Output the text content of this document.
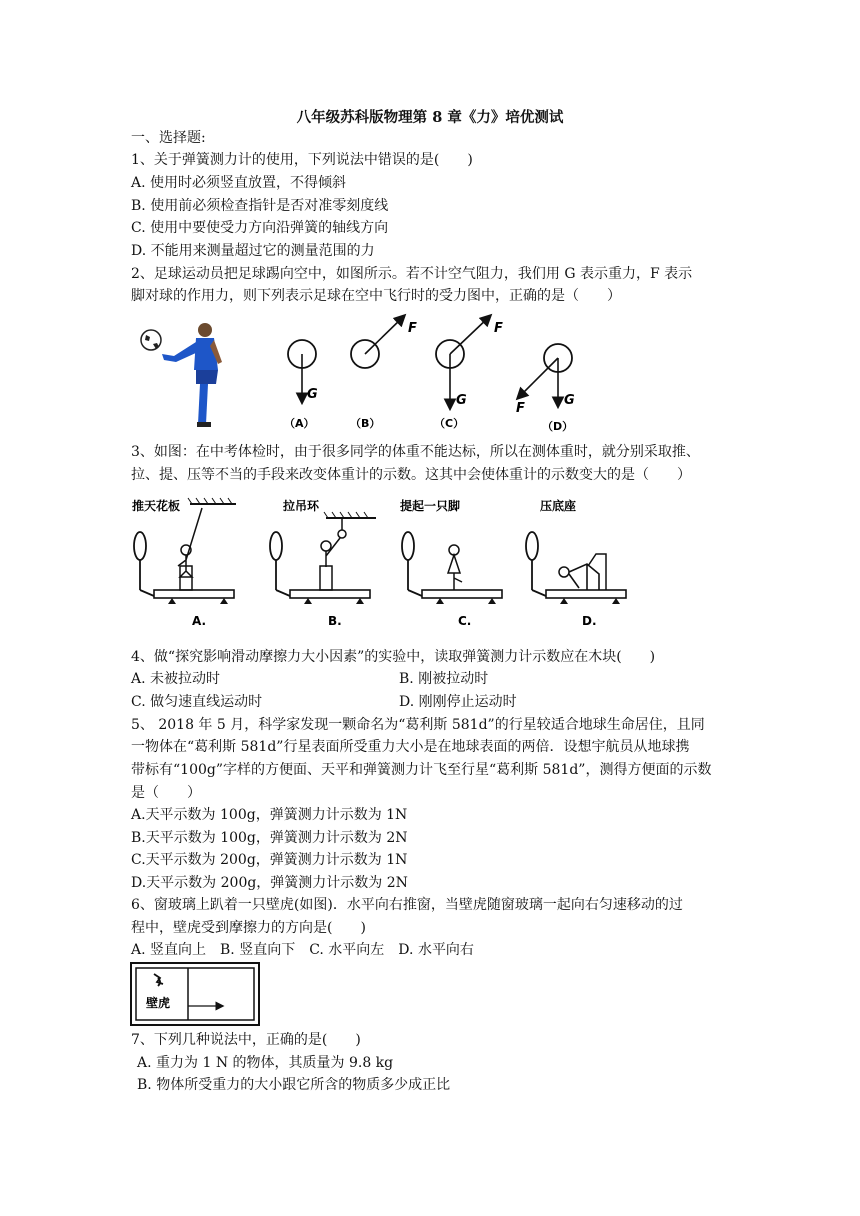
八年级苏科版物理第 8 章《力》培优测试
一、选择题:
1、关于弹簧测力计的使用，下列说法中错误的是(　　)
A. 使用时必须竖直放置，不得倾斜
B. 使用前必须检查指针是否对准零刻度线
C. 使用中要使受力方向沿弹簧的轴线方向
D. 不能用来测量超过它的测量范围的力
2、足球运动员把足球踢向空中，如图所示。若不计空气阻力，我们用 G 表示重力，F 表示
脚对球的作用力，则下列表示足球在空中飞行时的受力图中，正确的是（　　）
G
（A）
F
（B）
F
G
（C）
G
F
（D）
3、如图：在中考体检时，由于很多同学的体重不能达标，所以在测体重时，就分别采取推、
拉、提、压等不当的手段来改变体重计的示数。这其中会使体重计的示数变大的是（　　）
推天花板
A.
拉吊环
B.
提起一只脚
C.
压底座
D.
4、做“探究影响滑动摩擦力大小因素”的实验中，读取弹簧测力计示数应在木块(　　)
A. 未被拉动时	B. 刚被拉动时
C. 做匀速直线运动时	D. 刚刚停止运动时
5、 2018 年 5 月，科学家发现一颗命名为“葛利斯 581d”的行星较适合地球生命居住，且同
一物体在“葛利斯 581d”行星表面所受重力大小是在地球表面的两倍．设想宇航员从地球携
带标有“100g”字样的方便面、天平和弹簧测力计飞至行星“葛利斯 581d”，测得方便面的示数
是（　　）
A.天平示数为 100g，弹簧测力计示数为 1N
B.天平示数为 100g，弹簧测力计示数为 2N
C.天平示数为 200g，弹簧测力计示数为 1N
D.天平示数为 200g，弹簧测力计示数为 2N
6、窗玻璃上趴着一只壁虎(如图)．水平向右推窗，当壁虎随窗玻璃一起向右匀速移动的过
程中，壁虎受到摩擦力的方向是(　　)
A. 竖直向上　B. 竖直向下　C. 水平向左　D. 水平向右
壁虎
7、下列几种说法中，正确的是(　　)
A. 重力为 1 N 的物体，其质量为 9.8 kg
B. 物体所受重力的大小跟它所含的物质多少成正比
